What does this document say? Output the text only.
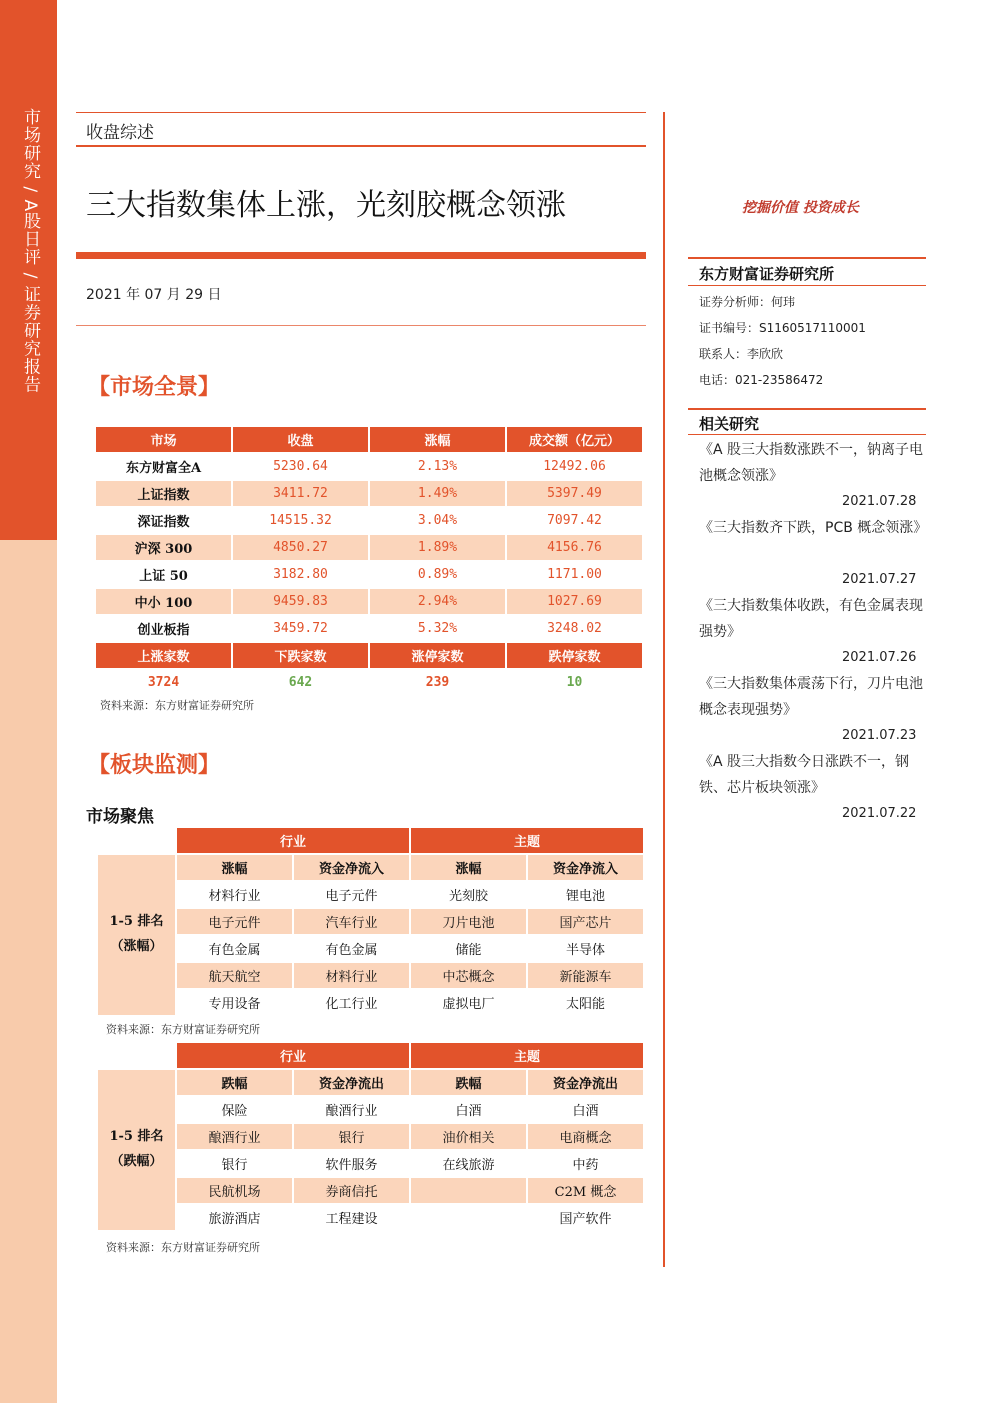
市场研究 / A股日评 / 证券研究报告	收盘综述
三大指数集体上涨，光刻胶概念领涨
2021 年 07 月 29 日
【市场全景】
市场	收盘	涨幅	成交额（亿元）
东方财富全A	5230.64	2.13%	12492.06
上证指数	3411.72	1.49%	5397.49
深证指数	14515.32	3.04%	7097.42
沪深 300	4850.27	1.89%	4156.76
上证 50	3182.80	0.89%	1171.00
中小 100	9459.83	2.94%	1027.69
创业板指	3459.72	5.32%	3248.02
上涨家数	下跌家数	涨停家数	跌停家数
3724	642	239	10
资料来源：东方财富证券研究所
【板块监测】
市场聚焦
	行业		主题	

1-5 排名
（涨幅）	涨幅	资金净流入	涨幅	资金净流入
	材料行业	电子元件	光刻胶	锂电池
	电子元件	汽车行业	刀片电池	国产芯片
	有色金属	有色金属	储能	半导体
	航天航空	材料行业	中芯概念	新能源车
	专用设备	化工行业	虚拟电厂	太阳能
资料来源：东方财富证券研究所
	行业		主题	

1-5 排名
（跌幅）	跌幅	资金净流出	跌幅	资金净流出
	保险	酿酒行业	白酒	白酒
	酿酒行业	银行	油价相关	电商概念
	银行	软件服务	在线旅游	中药
	民航机场	券商信托		C2M 概念
	旅游酒店	工程建设		国产软件
资料来源：东方财富证券研究所
挖掘价值 投资成长
东方财富证券研究所
证券分析师：何玮
证书编号：S1160517110001
联系人：李欣欣
电话：021-23586472
相关研究
《A 股三大指数涨跌不一，钠离子电池概念领涨》
2021.07.28
《三大指数齐下跌，PCB 概念领涨》
2021.07.27
《三大指数集体收跌，有色金属表现强势》
2021.07.26
《三大指数集体震荡下行，刀片电池概念表现强势》
2021.07.23
《A 股三大指数今日涨跌不一，钢铁、芯片板块领涨》
2021.07.22
